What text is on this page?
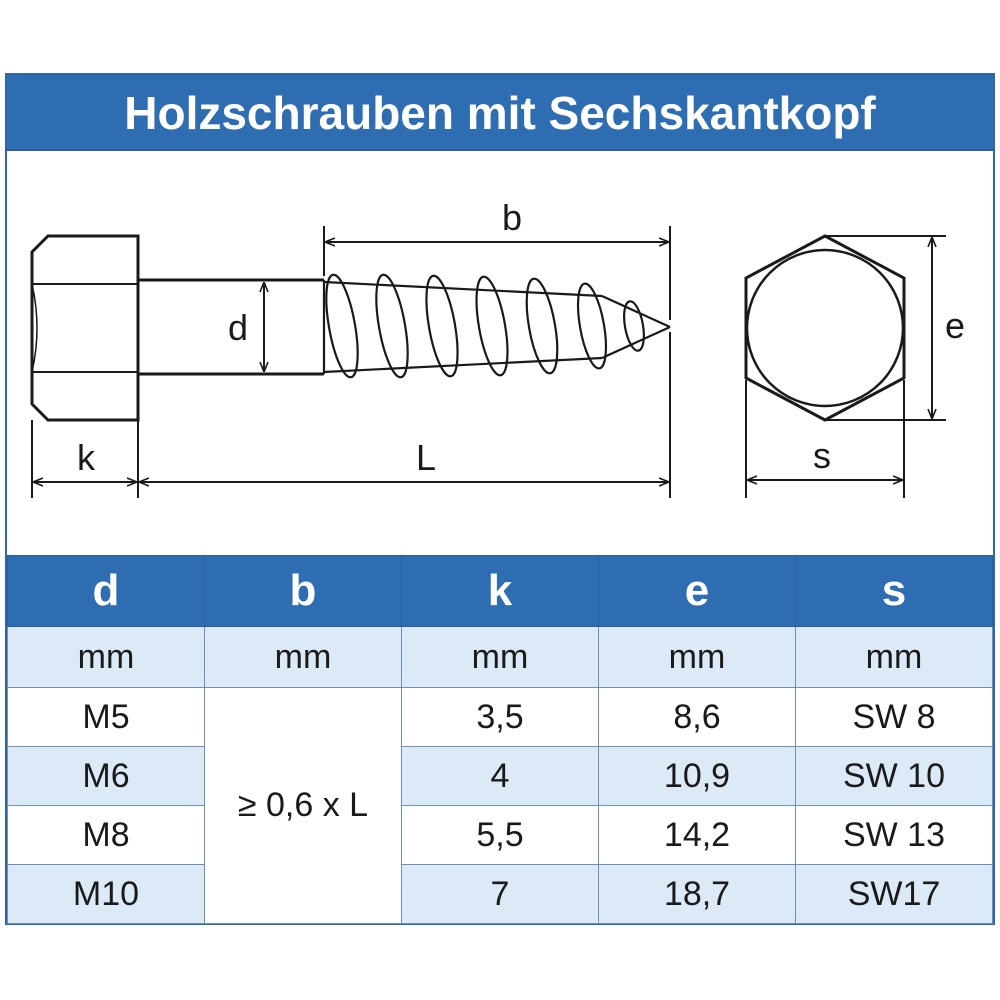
Holzschrauben mit Sechskantkopf
b
d
k	L
e
s
d	b	k	e	s
mm	mm	mm	mm	mm
M5	≥ 0,6 x L	3,5	8,6	SW 8
M6		4	10,9	SW 10
M8		5,5	14,2	SW 13
M10		7	18,7	SW17
